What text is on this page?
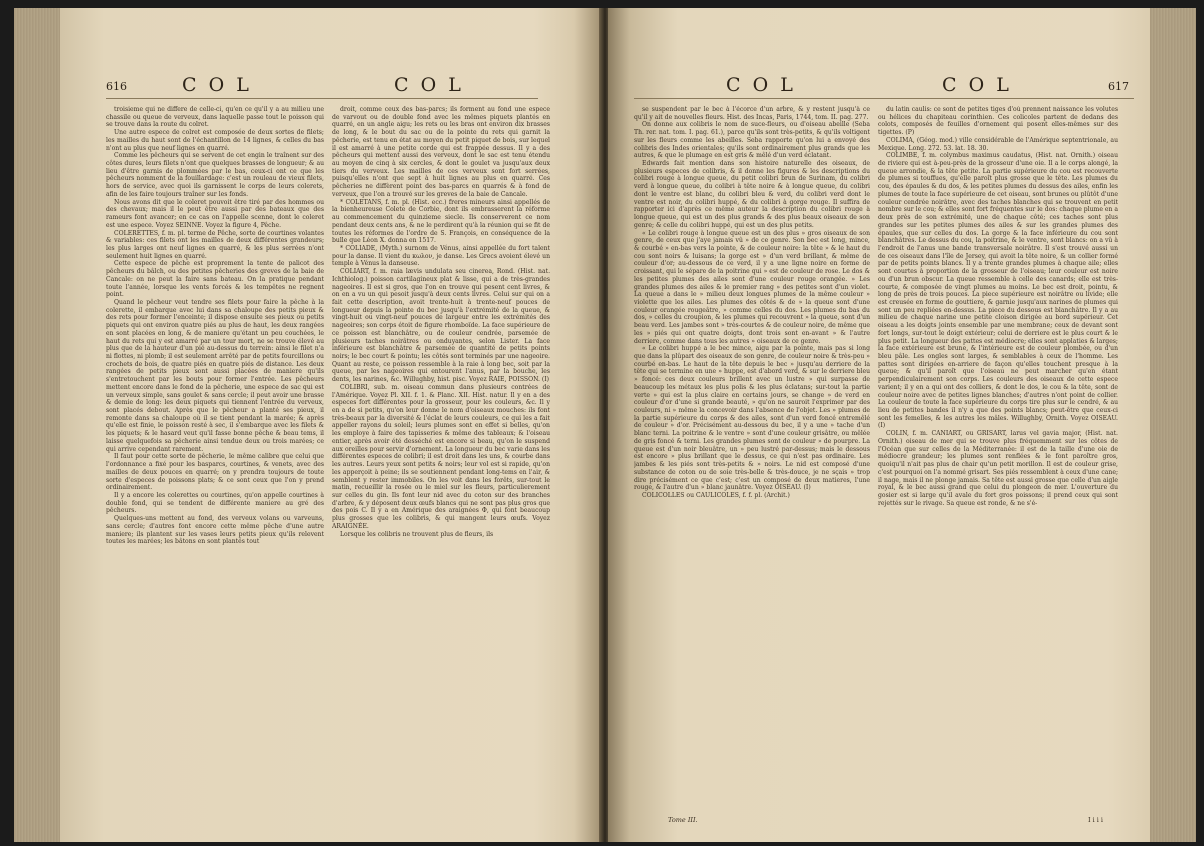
616	C O L	C O L

troisieme qui ne differe de celle-ci, qu'en ce qu'il y a au milieu une chassile ou queue de verveux, dans laquelle passe tout le poisson qui se trouve dans la route du colret.

Une autre espece de colret est composée de deux sortes de filets; les mailles du haut sont de l'échantillon de 14 lignes, & celles du bas n'ont au plus que neuf lignes en quarré.

Comme les pêcheurs qui se servent de cet engin le traînent sur des côtes dures, leurs filets n'ont que quelques brasses de longueur; & au lieu d'être garnis de plommées par le bas, ceux-ci ont ce que les pêcheurs nomment de la fouillardage: c'est un rouleau de vieux filets, hors de service, avec quoi ils garnissent le corps de leurs colerets, afin de les faire toujours traîner sur les fonds.

Nous avons dit que le coleret pouvoit être tiré par des hommes ou des chevaux; mais il le peut être aussi par des bateaux que des rameurs font avancer; en ce cas on l'appelle scenne, dont le coleret est une espece. Voyez SEINNE. Voyez la figure 4, Pêche.

COLERETTES, f. m. pl. terme de Pêche, sorte de courtines volantes & variables: ces filets ont les mailles de deux différentes grandeurs; les plus larges ont neuf lignes en quarré, & les plus serrées n'ont seulement huit lignes en quarré.

Cette espece de pêche est proprement la tente de palicot des pêcheurs du bâlch, ou des petites pêcheries des greves de la baie de Cancale: on ne peut la faire sans bateau. On la pratique pendant toute l'année, lorsque les vents forcés & les tempêtes ne regnent point.

Quand le pêcheur veut tendre ses filets pour faire la pêche à la colerette, il embarque avec lui dans sa chaloupe des petits pieux & des rets pour former l'enceinte; il dispose ensuite ses pieux ou petits piquets qui ont environ quatre piés au plus de haut, les deux rangées en sont placées en long, & de maniere qu'étant un peu couchées, le haut du rets qui y est amarré par un tour mort, ne se trouve élevé au plus que de la hauteur d'un pié au-dessus du terrein: ainsi le filet n'a ni flottes, ni plomb; il est seulement arrêté par de petits fourcillons ou crochets de bois, de quatre piés en quatre piés de distance. Les deux rangées de petits pieux sont aussi placées de maniere qu'ils s'entretouchent par les bouts pour former l'entrée. Les pêcheurs mettent encore dans le fond de la pêcherie, une espece de sac qui est un verveux simple, sans goulet & sans cercle; il peut avoir une brasse & demie de long: les deux piquets qui tiennent l'entrée du verveux, sont placés debout. Après que le pêcheur a planté ses pieux, il remonte dans sa chaloupe où il se tient pendant la marée; & après qu'elle est finie, le poisson resté à sec, il s'embarque avec les filets & les piquets; & le hasard veut qu'il fasse bonne pêche & beau tems, il laisse quelquefois sa pêcherie ainsi tendue deux ou trois marées; ce qui arrive cependant rarement.

Il faut pour cette sorte de pêcherie, le même calibre que celui que l'ordonnance a fixé pour les basparcs, courtines, & venets, avec des mailles de deux pouces en quarré; on y prendra toujours de toute sorte d'especes de poissons plats; & ce sont ceux que l'on y prend ordinairement.

Il y a encore les colerettes ou courtines, qu'on appelle courtines à double fond, qui se tendent de différente maniere au gré des pêcheurs.

Quelques-uns mettent au fond, des verveux volans ou varveuns, sans cercle; d'autres font encore cette même pêche d'une autre maniere; ils plantent sur les vases leurs petits pieux qu'ils relevent toutes les marées; les bâtons en sont plantés tout

droit, comme ceux des bas-parcs; ils forment au fond une espece de varvout ou de double fond avec les mêmes piquets plantés en quarré, en un angle aigu; les rets ou les bras ont environ dix brasses de long, & le bout du sac ou de la pointe du rets qui garnit la pêcherie, est tenu en état au moyen du petit piquet de bois, sur lequel il est amarré à une petite corde qui est frappée dessus. Il y a des pêcheurs qui mettent aussi des verveux, dont le sac est tenu étendu au moyen de cinq à six cercles, & dont le goulet va jusqu'aux deux tiers du verveux. Les mailles de ces verveux sont fort serrées, puisqu'elles n'ont que sept à huit lignes au plus en quarré. Ces pêcheries ne diffèrent point des bas-parcs en quarrés & à fond de verveux, que l'on a trouvé sur les greves de la baie de Cancale.

* COLETANS, f. m. pl. (Hist. ecc.) freres mineurs ainsi appellés de la bienheureuse Colete de Corbie, dont ils embrasserent la réforme au commencement du quinzieme siecle. Ils conserverent ce nom pendant deux cents ans, & ne le perdirent qu'à la réunion qui se fit de toutes les réformes de l'ordre de S. François, en conséquence de la bulle que Léon X. donna en 1517.

* COLIADE, (Myth.) surnom de Vénus, ainsi appellée du fort talent pour la danse. Il vient du κωλον, je danse. Les Grecs avoient élevé un temple à Vénus la danseuse.

COLIART, f. m. raia lævis undulata seu cinerea, Rond. (Hist. nat. Ichthiolog.) poisson cartilagineux plat & lisse, qui a de très-grandes nageoires. Il est si gros, que l'on en trouve qui pesent cent livres, & on en a vu un qui pesoit jusqu'à deux cents livres. Celui sur qui on a fait cette description, avoit trente-huit à trente-neuf pouces de longueur depuis la pointe du bec jusqu'à l'extrémité de la queue, & vingt-huit ou vingt-neuf pouces de largeur entre les extrémités des nageoires; son corps étoit de figure rhomboïde. La face supérieure de ce poisson est blanchâtre, ou de couleur cendrée, parsemée de plusieurs taches noirâtres ou onduyantes, selon Lister. La face inférieure est blanchâtre & parsemée de quantité de petits points noirs; le bec court & pointu; les côtés sont terminés par une nageoire. Quant au reste, ce poisson ressemble à la raie à long bec, soit par la queue, par les nageoires qui entourent l'anus, par la bouche, les dents, les narines, &c. Willughby, hist. pisc. Voyez RAIE, POISSON. (I)

COLIBRI, sub. m. oiseau commun dans plusieurs contrées de l'Amérique. Voyez Pl. XII. f. 1. & Planc. XII. Hist. natur. Il y en a des especes fort différentes pour la grosseur, pour les couleurs, &c. Il y en a de si petits, qu'on leur donne le nom d'oiseaux mouches: ils font très-beaux par la diversité & l'éclat de leurs couleurs, ce qui les a fait appeller rayons du soleil; leurs plumes sont en effet si belles, qu'on les employe à faire des tapisseries & même des tableaux; & l'oiseau entier, après avoir été desséché est encore si beau, qu'on le suspend aux oreilles pour servir d'ornement. La longueur du bec varie dans les différentes especes de colibri; il est droit dans les uns, & courbe dans les autres. Leurs yeux sont petits & noirs; leur vol est si rapide, qu'on les apperçoit à peine; ils se soutiennent pendant long-tems en l'air, & semblent y rester immobiles. On les voit dans les forêts, sur-tout le matin, recueillir la rosée ou le miel sur les fleurs, particulierement sur celles du gin. Ils font leur nid avec du coton sur des branches d'arbre, & y déposent deux œufs blancs qui ne sont pas plus gros que des pois C. Il y a en Amérique des araignées Φ, qui font beaucoup plus grosses que les colibris, & qui mangent leurs œufs. Voyez ARAIGNÉE.

Lorsque les colibris ne trouvent plus de fleurs, ils

C O L	C O L	617

se suspendent par le bec à l'écorce d'un arbre, & y restent jusqu'à ce qu'il y ait de nouvelles fleurs. Hist. des Incas, Paris, 1744, tom. II. pag. 277.

On donne aux colibris le nom de suce-fleurs, ou d'oiseau abeille (Seba Th. rer. nat. tom. I. pag. 61.), parce qu'ils sont très-petits, & qu'ils voltigent sur les fleurs comme les abeilles. Seba rapporte qu'on lui a envoyé des colibris des Indes orientales; qu'ils sont ordinairement plus grands que les autres, & que le plumage en est gris & mêlé d'un verd éclatant.

Edwards fait mention dans son histoire naturelle des oiseaux, de plusieurs especes de colibris, & il donne les figures & les descriptions du colibri rouge à longue queue, du petit colibri brun de Surinam, du colibri verd à longue queue, du colibri à tête noire & à longue queue, du colibri dont le ventre est blanc, du colibri bleu & verd, du colibri verd dont le ventre est noir, du colibri huppé, & du colibri à gorge rouge. Il suffira de rapporter ici d'après ce même auteur la description du colibri rouge à longue queue, qui est un des plus grands & des plus beaux oiseaux de son genre; & celle du colibri huppé, qui est un des plus petits.

« Le colibri rouge à longue queue est un des plus » gros oiseaux de son genre, de ceux que j'aye jamais vû » de ce genre. Son bec est long, mince, & courbé » en-bas vers la pointe, & de couleur noire: la tête » & le haut du cou sont noirs & luisans; la gorge est » d'un verd brillant, & même de couleur d'or; au-dessous de ce verd, il y a une ligne noire en forme de croissant, qui le sépare de la poitrine qui » est de couleur de rose. Le dos & les petites plumes des ailes sont d'une couleur rouge orangée. » Les grandes plumes des ailes & le premier rang » des petites sont d'un violet. La queue a dans le » milieu deux longues plumes de la même couleur » violette que les ailes. Les plumes des côtés & de » la queue sont d'une couleur orangée rougeâtre, » comme celles du dos. Les plumes du bas du dos, » celles du croupion, & les plumes qui recouvrent » la queue, sont d'un beau verd. Les jambes sont » très-courtes & de couleur noire, de même que les » piés qui ont quatre doigts, dont trois sont en-avant » & l'autre derriere, comme dans tous les autres » oiseaux de ce genre.

« Le colibri huppé a le bec mince, aigu par la pointe, mais pas si long que dans la plûpart des oiseaux de son genre, de couleur noire & très-peu » courbé en-bas. Le haut de la tête depuis le bec » jusqu'au derriere de la tête qui se termine en une » huppe, est d'abord verd, & sur le derriere bleu » foncé: ces deux couleurs brillent avec un lustre » qui surpasse de beaucoup les métaux les plus polis & les plus éclatans; sur-tout la partie verte » qui est la plus claire en certains jours, se change » de verd en couleur d'or d'une si grande beauté, » qu'on ne sauroit l'exprimer par des couleurs, ni » même la concevoir dans l'absence de l'objet. Les » plumes de la partie supérieure du corps & des ailes, sont d'un verd foncé entremêlé de couleur » d'or. Précisément au-dessous du bec, il y a une » tache d'un blanc terni. La poitrine & le ventre » sont d'une couleur grisâtre, ou mêlée de gris foncé & terni. Les grandes plumes sont de couleur » de pourpre. La queue est d'un noir bleuâtre, un » peu lustré par-dessus; mais le dessous est encore » plus brillant que le dessus, ce qui n'est pas ordinaire. Les jambes & les piés sont très-petits & » noirs. Le nid est composé d'une substance de coton ou de soie très-belle & très-douce, je ne sçais » trop dire précisément ce que c'est; c'est un composé de deux matieres, l'une rouge, & l'autre d'un » blanc jaunâtre. Voyez OISEAU. (I)

COLICOLLES ou CAULICOLES, f. f. pl. (Archit.)

du latin caulis: ce sont de petites tiges d'où prennent naissance les volutes ou hélices du chapiteau corinthien. Ces colicoles partent de dedans des colots, composés de feuilles d'ornement qui posent elles-mêmes sur des tigettes. (P)

COLIMA, (Géog. mod.) ville considérable de l'Amérique septentrionale, au Mexique. Long. 272. 53. lat. 18. 30.

COLIMBE, f. m. colymbus maximus caudatus, (Hist. nat. Ornith.) oiseau de riviere qui est à-peu-près de la grosseur d'une oie. Il a le corps alongé, la queue arrondie, & la tête petite. La partie supérieure du cou est recouverte de plumes si touffues, qu'elle paroît plus grosse que le tête. Les plumes du cou, des épaules & du dos, & les petites plumes du dessus des ailes, enfin les plumes de toute la face supérieure de cet oiseau, sont brunes ou plûtôt d'une couleur cendrée noirâtre, avec des taches blanches qui se trouvent en petit nombre sur le cou; & elles sont fort fréquentes sur le dos: chaque plume en a deux près de son extrémité, une de chaque côté; ces taches sont plus grandes sur les petites plumes des ailes & sur les grandes plumes des épaules, que sur celles du dos. La gorge & la face inférieure du cou sont blanchâtres. Le dessus du cou, la poitrine, & le ventre, sont blancs: on a vû à l'endroit de l'anus une bande transversale noirâtre. Il s'est trouvé aussi un de ces oiseaux dans l'île de Jersey, qui avoit la tête noire, & un collier formé par de petits points blancs. Il y a trente grandes plumes à chaque aile; elles sont courtes à proportion de la grosseur de l'oiseau; leur couleur est noire ou d'un brun obscur. La queue ressemble à celle des canards; elle est très-courte, & composée de vingt plumes au moins. Le bec est droit, pointu, & long de près de trois pouces. La piece supérieure est noirâtre ou livide; elle est creusée en forme de gouttiere, & garnie jusqu'aux narines de plumes qui sont un peu repliées en-dessus. La piece du dessous est blanchâtre. Il y a au milieu de chaque narine une petite cloison dirigée au bord supérieur. Cet oiseau a les doigts joints ensemble par une membrane; ceux de devant sont fort longs, sur-tout le doigt extérieur; celui de derriere est le plus court & le plus petit. La longueur des pattes est médiocre; elles sont applaties & larges; la face extérieure est brune, & l'intérieure est de couleur plombée, ou d'un bleu pâle. Les ongles sont larges, & semblables à ceux de l'homme. Les pattes sont dirigées en-arriere de façon qu'elles touchent presque à la queue; & qu'il paroît que l'oiseau ne peut marcher qu'en étant perpendiculairement son corps. Les couleurs des oiseaux de cette espece varient; il y en a qui ont des colliers, & dont le dos, le cou & la tête, sont de couleur noire avec de petites lignes blanches; d'autres n'ont point de collier. La couleur de toute la face supérieure du corps tire plus sur le cendré, & au lieu de petites bandes il n'y a que des points blancs; peut-être que ceux-ci sont les femelles, & les autres les mâles. Willughby, Ornith. Voyez OISEAU. (I)

COLIN, f. m. CANIART, ou GRISART, larus vel gavia major, (Hist. nat. Ornith.) oiseau de mer qui se trouve plus fréquemment sur les côtes de l'Océan que sur celles de la Méditerranée: il est de la taille d'une oie de médiocre grandeur; les plumes sont renflées & le font paroître gros, quoiqu'il n'ait pas plus de chair qu'un petit morillon. Il est de couleur grise, c'est pourquoi on l'a nommé grisart. Ses piés ressemblent à ceux d'une cane; il nage, mais il ne plonge jamais. Sa tête est aussi grosse que celle d'un aigle royal, & le bec aussi grand que celui du plongeon de mer. L'ouverture du gosier est si large qu'il avale du fort gros poissons; il prend ceux qui sont rejettés sur le rivage. Sa queue est ronde, & ne s'é-

Tome III.	I i i i
